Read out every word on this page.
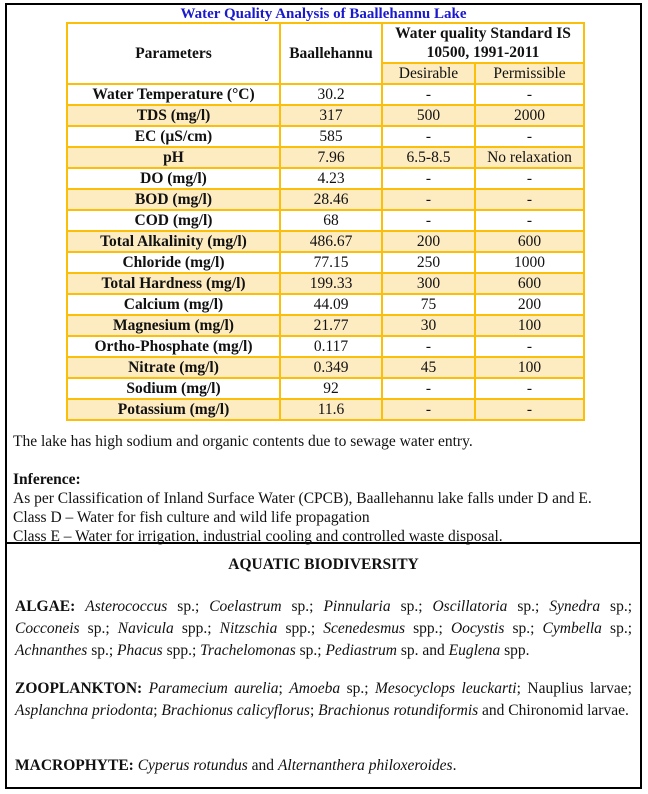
Water Quality Analysis of Baallehannu Lake
Parameters	Baallehannu	Water quality Standard IS 10500, 1991-2011	
		Desirable	Permissible
Water Temperature (°C)	30.2	-	-
TDS (mg/l)	317	500	2000
EC (µS/cm)	585	-	-
pH	7.96	6.5-8.5	No relaxation
DO (mg/l)	4.23	-	-
BOD (mg/l)	28.46	-	-
COD (mg/l)	68	-	-
Total Alkalinity (mg/l)	486.67	200	600
Chloride (mg/l)	77.15	250	1000
Total Hardness (mg/l)	199.33	300	600
Calcium (mg/l)	44.09	75	200
Magnesium (mg/l)	21.77	30	100
Ortho-Phosphate (mg/l)	0.117	-	-
Nitrate (mg/l)	0.349	45	100
Sodium (mg/l)	92	-	-
Potassium (mg/l)	11.6	-	-
The lake has high sodium and organic contents due to sewage water entry.
Inference:
As per Classification of Inland Surface Water (CPCB), Baallehannu lake falls under D and E.
Class D – Water for fish culture and wild life propagation
Class E – Water for irrigation, industrial cooling and controlled waste disposal.
AQUATIC BIODIVERSITY
ALGAE: Asterococcus sp.; Coelastrum sp.; Pinnularia sp.; Oscillatoria sp.; Synedra sp.; Cocconeis sp.; Navicula spp.; Nitzschia spp.; Scenedesmus spp.; Oocystis sp.; Cymbella sp.; Achnanthes sp.; Phacus spp.; Trachelomonas sp.; Pediastrum sp. and Euglena spp.
ZOOPLANKTON: Paramecium aurelia; Amoeba sp.; Mesocyclops leuckarti; Nauplius larvae; Asplanchna priodonta; Brachionus calicyflorus; Brachionus rotundiformis and Chironomid larvae.
MACROPHYTE: Cyperus rotundus and Alternanthera philoxeroides.
